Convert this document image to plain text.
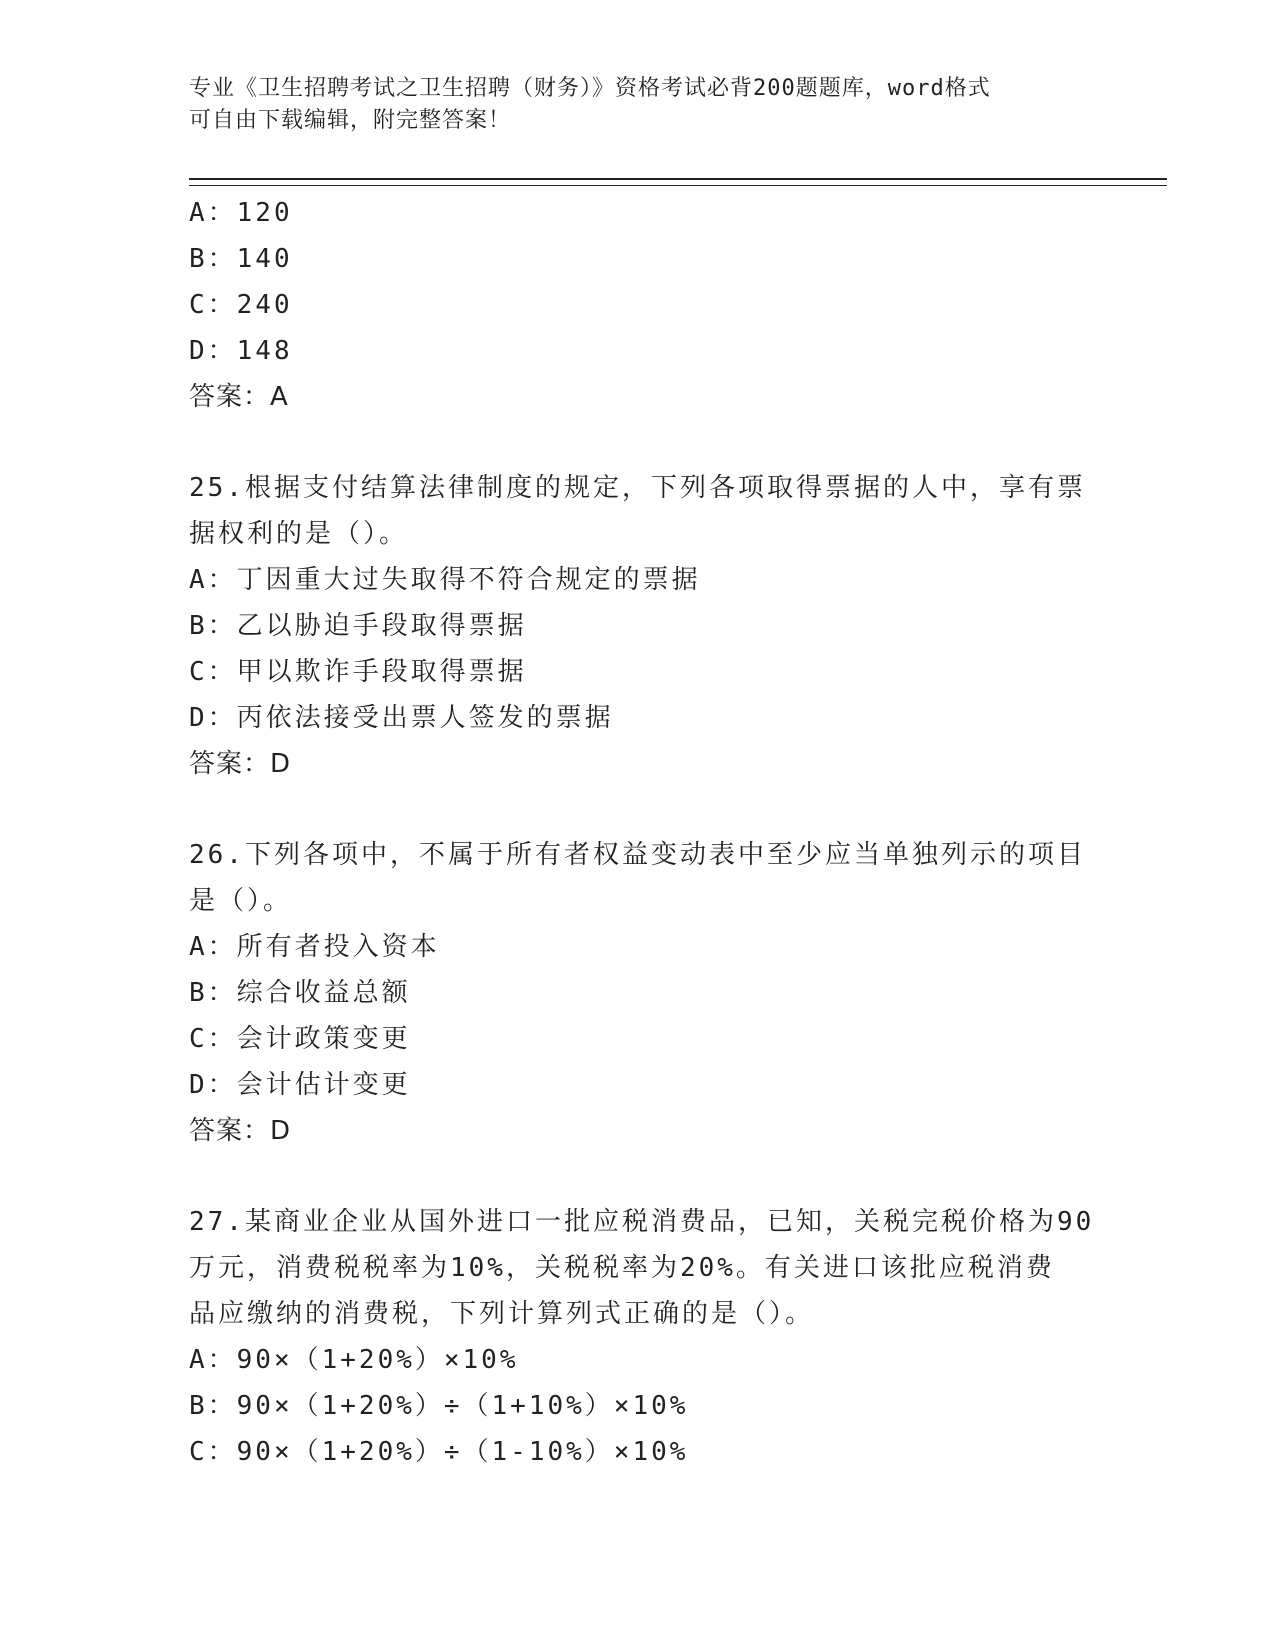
专业《卫生招聘考试之卫生招聘（财务）》资格考试必背200题题库，word格式
可自由下载编辑，附完整答案！
A：120
B：140
C：240
D：148
答案：A
25.根据支付结算法律制度的规定，下列各项取得票据的人中，享有票
据权利的是（）。
A：丁因重大过失取得不符合规定的票据
B：乙以胁迫手段取得票据
C：甲以欺诈手段取得票据
D：丙依法接受出票人签发的票据
答案：D
26.下列各项中，不属于所有者权益变动表中至少应当单独列示的项目
是（）。
A：所有者投入资本
B：综合收益总额
C：会计政策变更
D：会计估计变更
答案：D
27.某商业企业从国外进口一批应税消费品，已知，关税完税价格为90
万元，消费税税率为10%，关税税率为20%。有关进口该批应税消费
品应缴纳的消费税，下列计算列式正确的是（）。
A：90×（1+20%）×10%
B：90×（1+20%）÷（1+10%）×10%
C：90×（1+20%）÷（1-10%）×10%
